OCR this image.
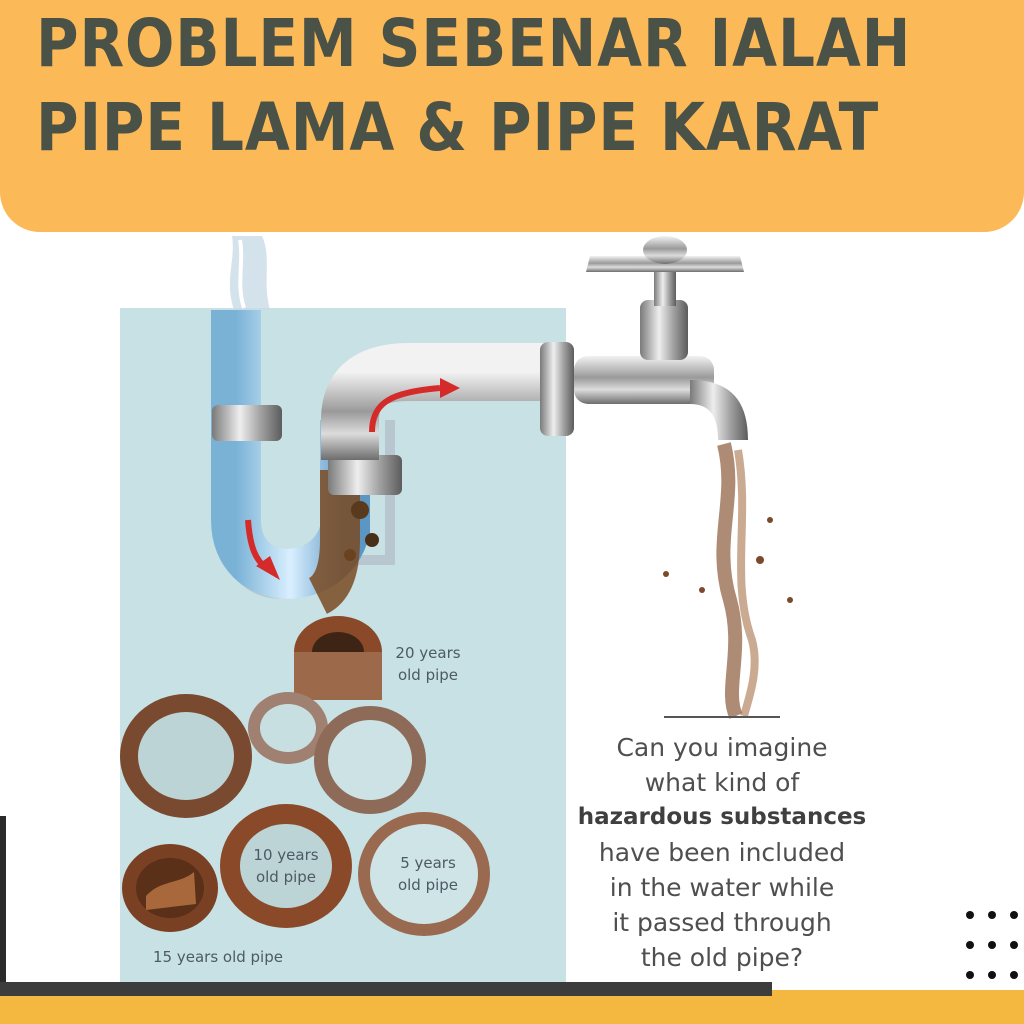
PROBLEM SEBENAR IALAH
PIPE LAMA & PIPE KARAT
20 years
old pipe
10 years
old pipe
5 years
old pipe
15 years old pipe
Can you imagine
what kind of
hazardous substances
have been included
in the water while
it passed through
the old pipe?
